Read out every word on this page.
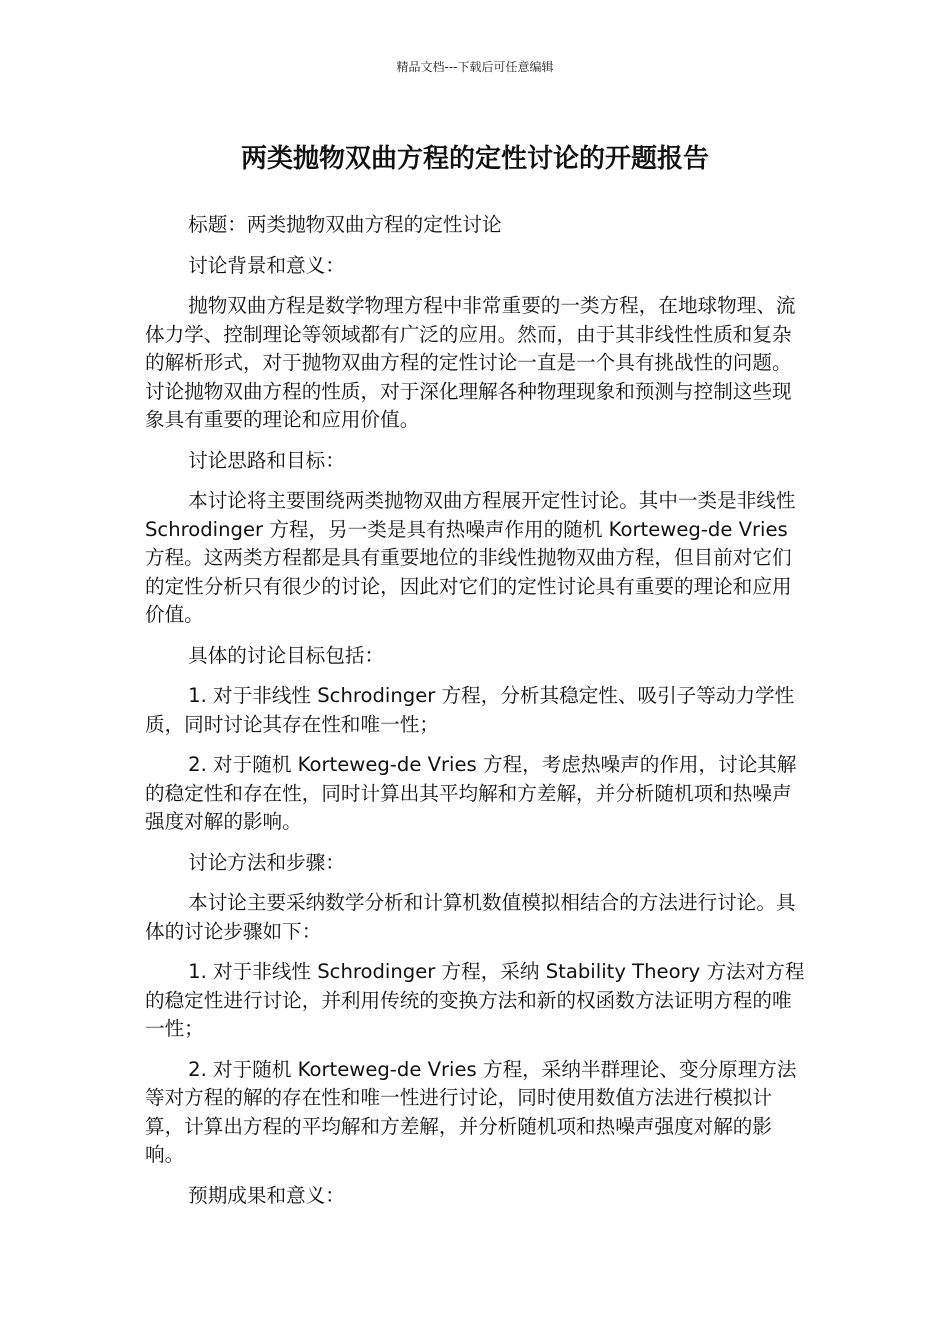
精品文档---下载后可任意编辑
两类抛物双曲方程的定性讨论的开题报告

标题：两类抛物双曲方程的定性讨论

讨论背景和意义：

抛物双曲方程是数学物理方程中非常重要的一类方程，在地球物理、流体力学、控制理论等领域都有广泛的应用。然而，由于其非线性性质和复杂的解析形式，对于抛物双曲方程的定性讨论一直是一个具有挑战性的问题。讨论抛物双曲方程的性质，对于深化理解各种物理现象和预测与控制这些现象具有重要的理论和应用价值。

讨论思路和目标：

本讨论将主要围绕两类抛物双曲方程展开定性讨论。其中一类是非线性 Schrodinger 方程，另一类是具有热噪声作用的随机 Korteweg-de Vries 方程。这两类方程都是具有重要地位的非线性抛物双曲方程，但目前对它们的定性分析只有很少的讨论，因此对它们的定性讨论具有重要的理论和应用价值。

具体的讨论目标包括：

1. 对于非线性 Schrodinger 方程，分析其稳定性、吸引子等动力学性质，同时讨论其存在性和唯一性；

2. 对于随机 Korteweg-de Vries 方程，考虑热噪声的作用，讨论其解的稳定性和存在性，同时计算出其平均解和方差解，并分析随机项和热噪声强度对解的影响。

讨论方法和步骤：

本讨论主要采纳数学分析和计算机数值模拟相结合的方法进行讨论。具体的讨论步骤如下：

1. 对于非线性 Schrodinger 方程，采纳 Stability Theory 方法对方程的稳定性进行讨论，并利用传统的变换方法和新的权函数方法证明方程的唯一性；

2. 对于随机 Korteweg-de Vries 方程，采纳半群理论、变分原理方法等对方程的解的存在性和唯一性进行讨论，同时使用数值方法进行模拟计算，计算出方程的平均解和方差解，并分析随机项和热噪声强度对解的影响。

预期成果和意义：
